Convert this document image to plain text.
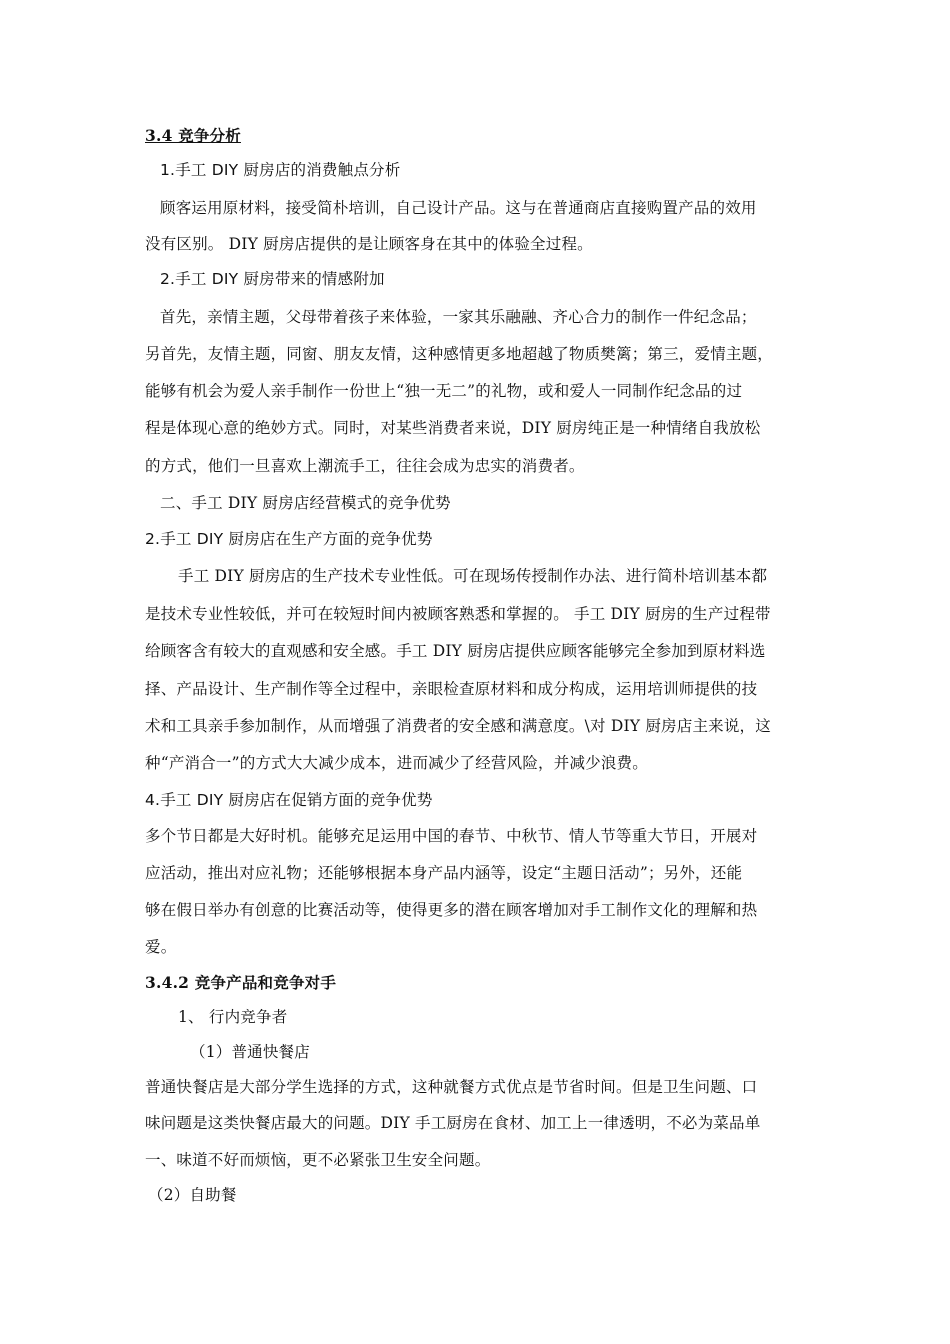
3.4 竞争分析
1.手工 DIY 厨房店的消费触点分析
顾客运用原材料，接受简朴培训，自己设计产品。这与在普通商店直接购置产品的效用
没有区别。 DIY 厨房店提供的是让顾客身在其中的体验全过程。
2.手工 DIY 厨房带来的情感附加
首先，亲情主题，父母带着孩子来体验，一家其乐融融、齐心合力的制作一件纪念品；
另首先，友情主题，同窗、朋友友情，这种感情更多地超越了物质樊篱；第三，爱情主题，
能够有机会为爱人亲手制作一份世上“独一无二”的礼物，或和爱人一同制作纪念品的过
程是体现心意的绝妙方式。同时，对某些消费者来说，DIY 厨房纯正是一种情绪自我放松
的方式，他们一旦喜欢上潮流手工，往往会成为忠实的消费者。
二、手工 DIY 厨房店经营模式的竞争优势
2.手工 DIY 厨房店在生产方面的竞争优势
手工 DIY 厨房店的生产技术专业性低。可在现场传授制作办法、进行简朴培训基本都
是技术专业性较低，并可在较短时间内被顾客熟悉和掌握的。 手工 DIY 厨房的生产过程带
给顾客含有较大的直观感和安全感。手工 DIY 厨房店提供应顾客能够完全参加到原材料选
择、产品设计、生产制作等全过程中，亲眼检查原材料和成分构成，运用培训师提供的技
术和工具亲手参加制作，从而增强了消费者的安全感和满意度。\对 DIY 厨房店主来说，这
种“产消合一”的方式大大减少成本，进而减少了经营风险，并减少浪费。
4.手工 DIY 厨房店在促销方面的竞争优势
多个节日都是大好时机。能够充足运用中国的春节、中秋节、情人节等重大节日，开展对
应活动，推出对应礼物；还能够根据本身产品内涵等，设定“主题日活动”；另外，还能
够在假日举办有创意的比赛活动等，使得更多的潜在顾客增加对手工制作文化的理解和热
爱。
3.4.2 竞争产品和竞争对手
1、 行内竞争者
（1）普通快餐店
普通快餐店是大部分学生选择的方式，这种就餐方式优点是节省时间。但是卫生问题、口
味问题是这类快餐店最大的问题。DIY 手工厨房在食材、加工上一律透明，不必为菜品单
一、味道不好而烦恼，更不必紧张卫生安全问题。
（2）自助餐
